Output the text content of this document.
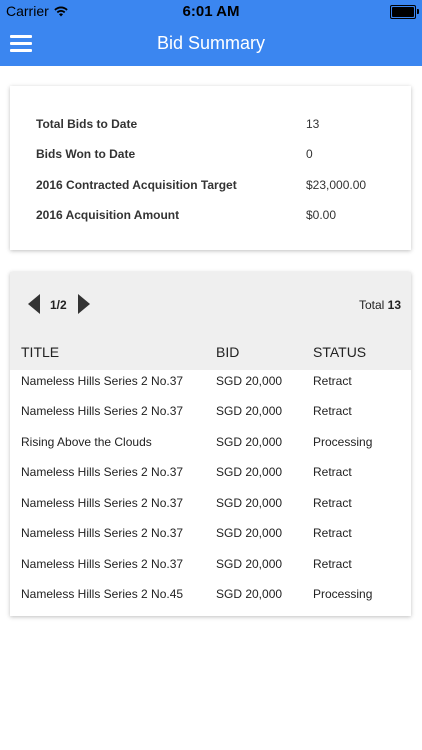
Carrier	6:01 AM
Bid Summary
Total Bids to Date	13
Bids Won to Date	0
2016 Contracted Acquisition Target	$23,000.00
2016 Acquisition Amount	$0.00
1/2	Total 13
TITLE	BID	STATUS
Nameless Hills Series 2 No.37	SGD 20,000	Retract
Nameless Hills Series 2 No.37	SGD 20,000	Retract
Rising Above the Clouds	SGD 20,000	Processing
Nameless Hills Series 2 No.37	SGD 20,000	Retract
Nameless Hills Series 2 No.37	SGD 20,000	Retract
Nameless Hills Series 2 No.37	SGD 20,000	Retract
Nameless Hills Series 2 No.37	SGD 20,000	Retract
Nameless Hills Series 2 No.45	SGD 20,000	Processing
